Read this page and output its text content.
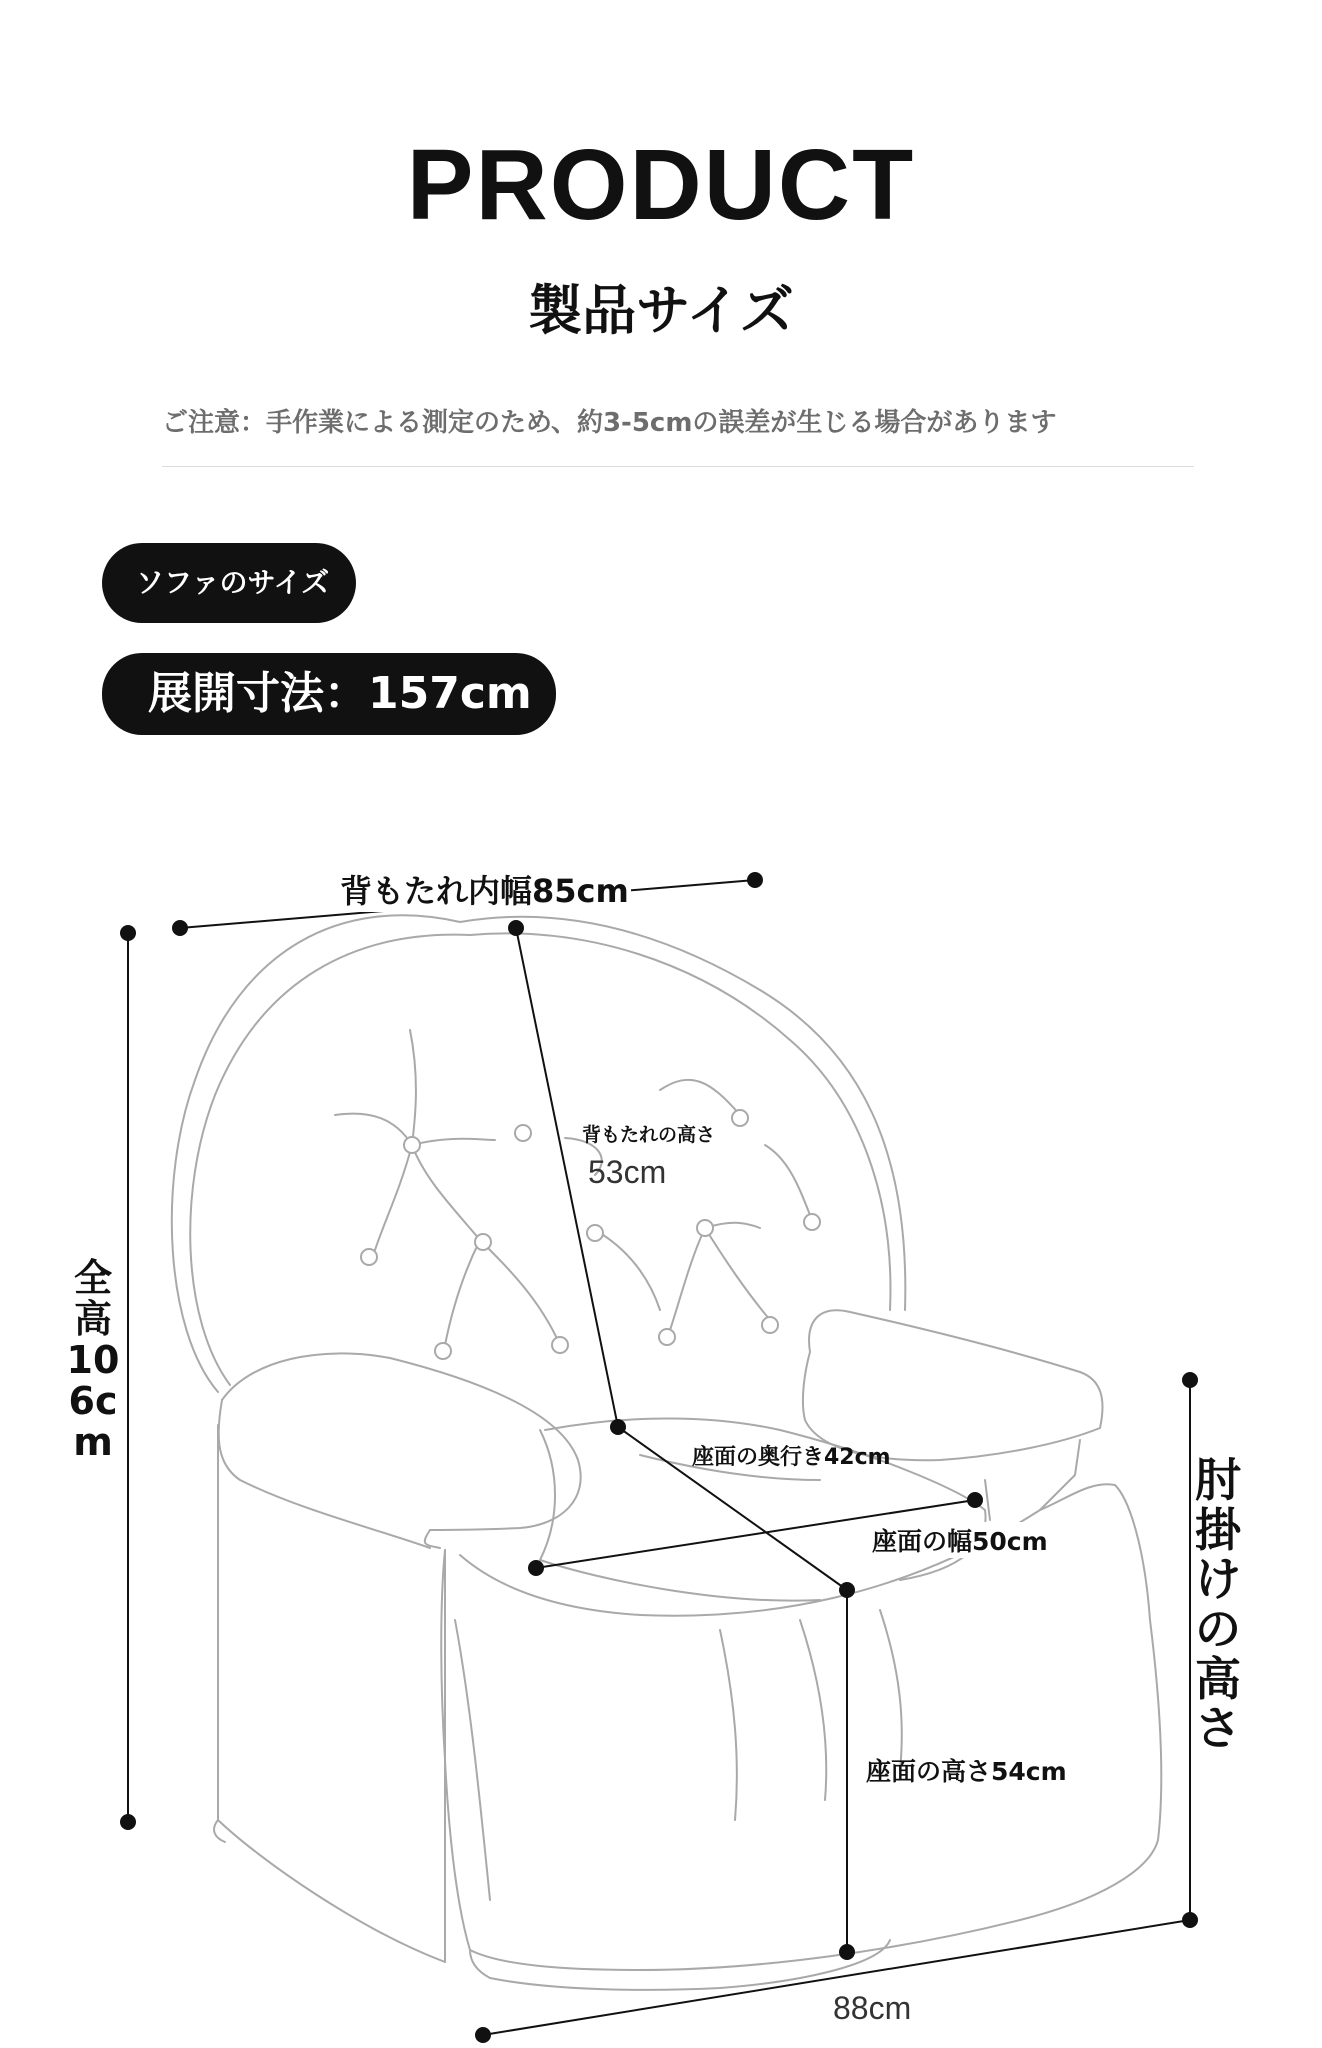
PRODUCT
製品サイズ
ご注意：手作業による測定のため、約3-5cmの誤差が生じる場合があります
ソファのサイズ
展開寸法：157cm
背もたれ内幅85cm
背もたれの高さ
53cm
座面の奥行き42cm
座面の幅50cm
座面の高さ54cm
88cm
全高106cm
肘掛けの高さ
